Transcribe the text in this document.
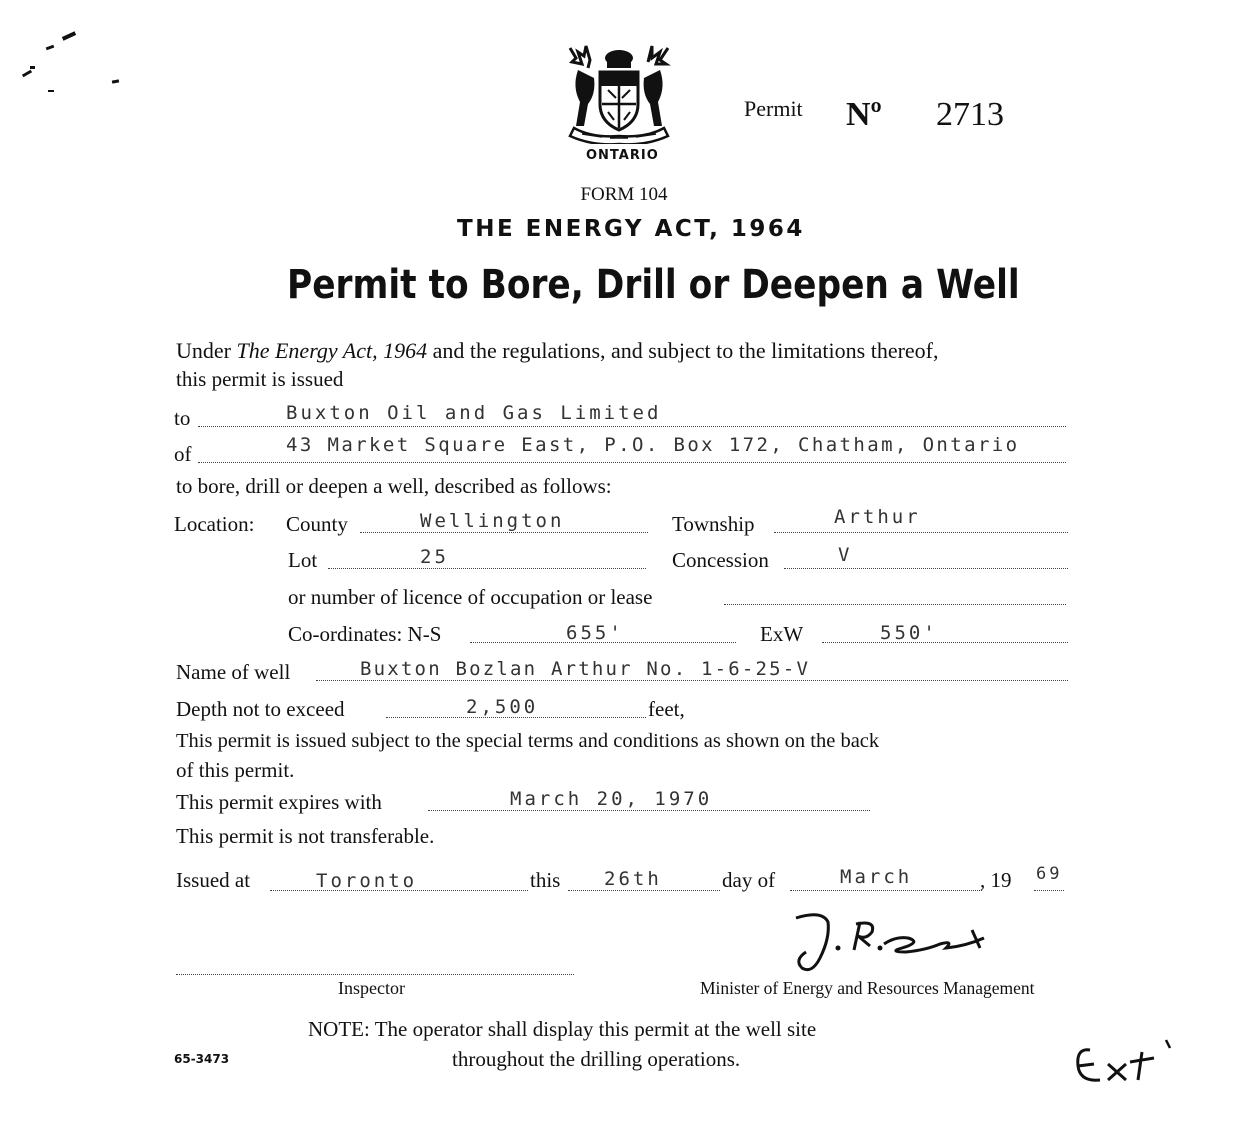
ONTARIO
Permit Nº 2713
FORM 104
THE ENERGY ACT, 1964
Permit to Bore, Drill or Deepen a Well
Under The Energy Act, 1964 and the regulations, and subject to the limitations thereof,
this permit is issued
to	Buxton Oil and Gas Limited
of	43 Market Square East, P.O. Box 172, Chatham, Ontario
to bore, drill or deepen a well, described as follows:
Location: County	Wellington	Township	Arthur
Lot	25	Concession	V
or number of licence of occupation or lease
Co-ordinates: N-S	655'	ExW	550'
Name of well	Buxton Bozlan Arthur No. 1-6-25-V
Depth not to exceed	2,500	feet,
This permit is issued subject to the special terms and conditions as shown on the back
of this permit.
This permit expires with	March 20, 1970
This permit is not transferable.
Issued at	Toronto	this 26th	day of	March	, 19 69
Inspector	Minister of Energy and Resources Management
NOTE: The operator shall display this permit at the well site
throughout the drilling operations.
65-3473
